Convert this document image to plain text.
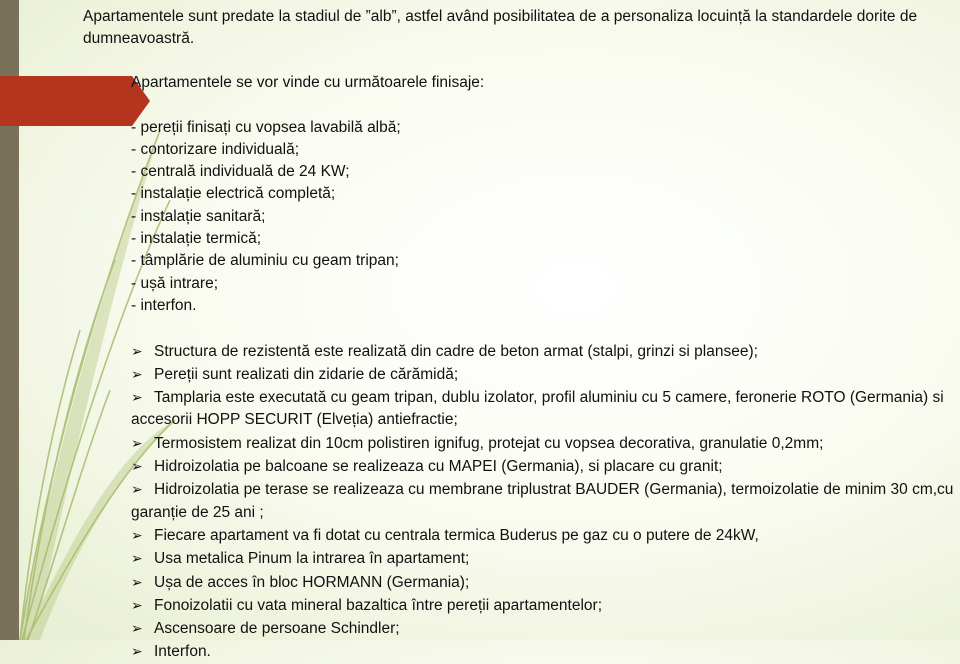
Apartamentele sunt predate la stadiul de ”alb”, astfel având posibilitatea de a personaliza locuință la standardele dorite de dumneavoastră.

Apartamentele se vor vinde cu următoarele finisaje:

- pereții finisați cu vopsea lavabilă albă;
- contorizare individuală;
- centrală individuală de 24 KW;
- instalație electrică completă;
- instalație sanitară;
- instalație termică;
- tâmplărie de aluminiu cu geam tripan;
- ușă intrare;
- interfon.
➢ Structura de rezistentă este realizată din cadre de beton armat (stalpi, grinzi si plansee);
➢ Pereții sunt realizati din zidarie de cărămidă;
➢ Tamplaria este executată cu geam tripan, dublu izolator, profil aluminiu cu 5 camere, feronerie ROTO (Germania) si accesorii HOPP SECURIT (Elveția) antiefractie;
➢ Termosistem realizat din 10cm polistiren ignifug, protejat cu vopsea decorativa, granulatie 0,2mm;
➢ Hidroizolatia pe balcoane se realizeaza cu MAPEI (Germania), si placare cu granit;
➢ Hidroizolatia pe terase se realizeaza cu membrane triplustrat BAUDER (Germania), termoizolatie de minim 30 cm,cu garanție de 25 ani ;
➢ Fiecare apartament va fi dotat cu centrala termica Buderus pe gaz cu o putere de 24kW,
➢ Usa metalica Pinum la intrarea în apartament;
➢ Ușa de acces în bloc HORMANN (Germania);
➢ Fonoizolatii cu vata mineral bazaltica între pereții apartamentelor;
➢ Ascensoare de persoane Schindler;
➢ Interfon.
